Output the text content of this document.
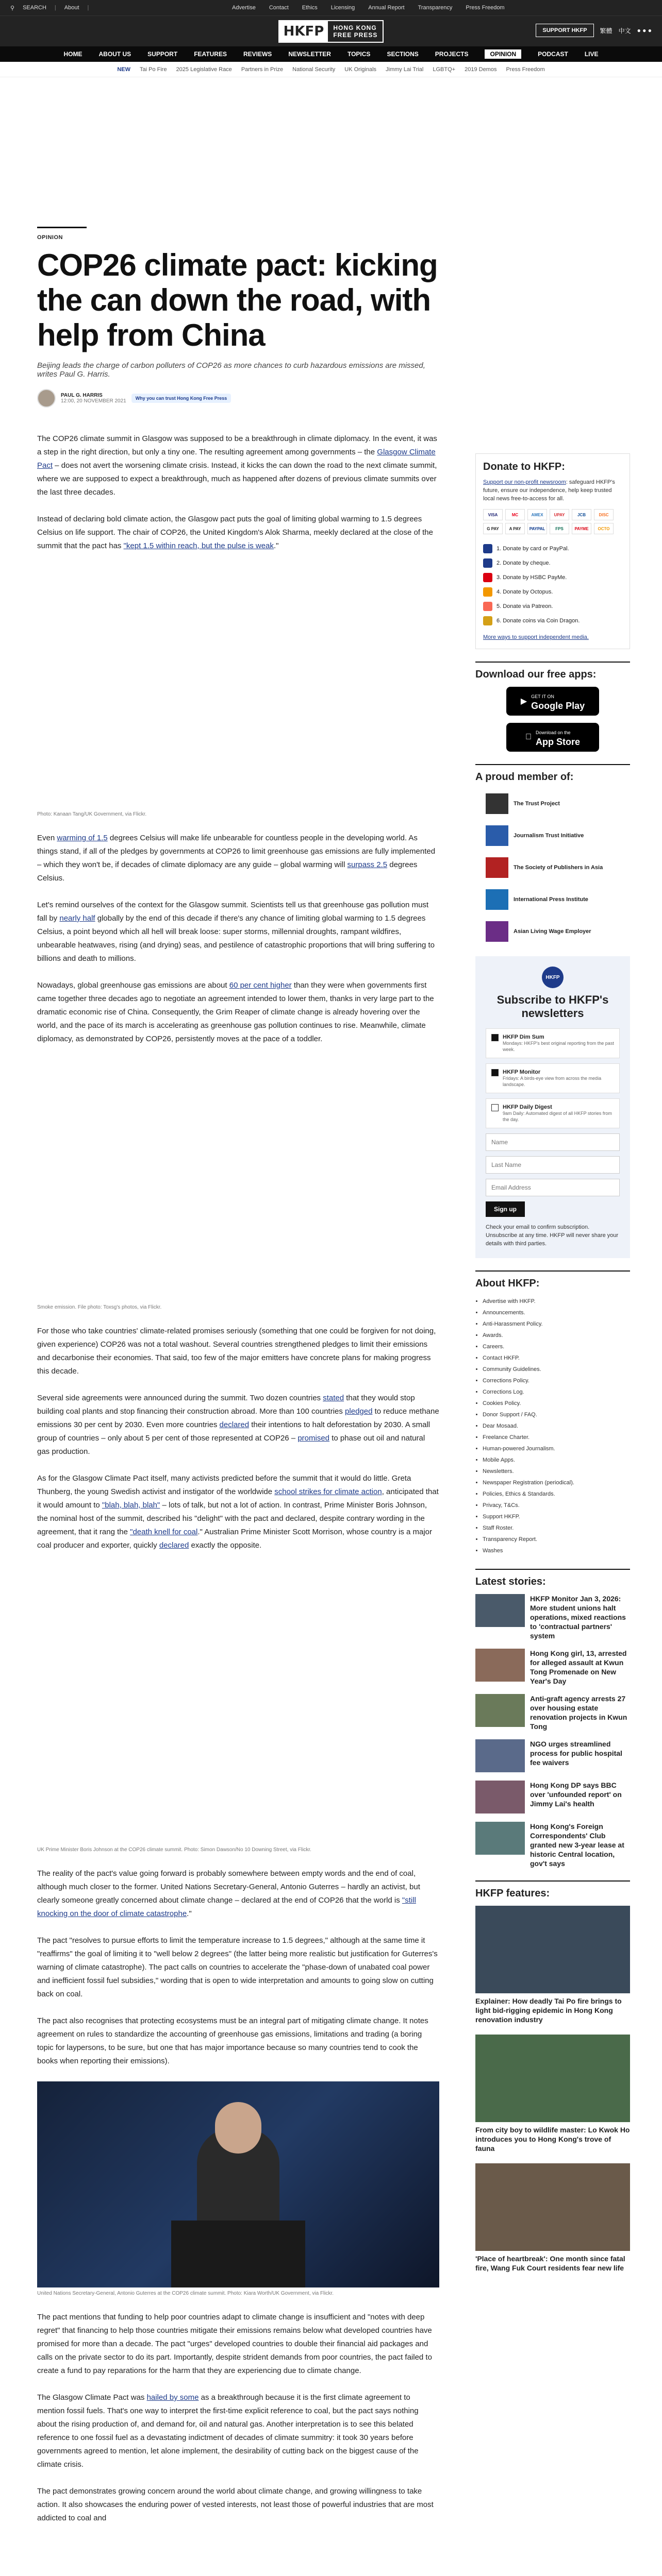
⚲ SEARCH | About |	Advertise Contact Ethics Licensing Annual Report Transparency Press Freedom
HKFP	HONG KONG
FREE PRESS
SUPPORT HKFP	繁體 中文 ● ● ●
HOME	ABOUT US	SUPPORT	FEATURES	REVIEWS	NEWSLETTER	TOPICS	SECTIONS	PROJECTS	OPINION	PODCAST	LIVE
NEW Tai Po Fire 2025 Legislative Race Partners in Prize National Security UK Originals Jimmy Lai Trial LGBTQ+ 2019 Demos Press Freedom
OPINION
COP26 climate pact: kicking the can down the road, with help from China
Beijing leads the charge of carbon polluters of COP26 as more chances to curb hazardous emissions are missed, writes Paul G. Harris.
PAUL G. HARRIS
12:00, 20 NOVEMBER 2021	Why you can trust Hong Kong Free Press

The COP26 climate summit in Glasgow was supposed to be a breakthrough in climate diplomacy. In the event, it was a step in the right direction, but only a tiny one. The resulting agreement among governments – the Glasgow Climate Pact – does not avert the worsening climate crisis. Instead, it kicks the can down the road to the next climate summit, where we are supposed to expect a breakthrough, much as happened after dozens of previous climate summits over the last three decades.

Instead of declaring bold climate action, the Glasgow pact puts the goal of limiting global warming to 1.5 degrees Celsius on life support. The chair of COP26, the United Kingdom's Alok Sharma, meekly declared at the close of the summit that the pact has "kept 1.5 within reach, but the pulse is weak."

Photo: Kanaan Tang/UK Government, via Flickr.

Even warming of 1.5 degrees Celsius will make life unbearable for countless people in the developing world. As things stand, if all of the pledges by governments at COP26 to limit greenhouse gas emissions are fully implemented – which they won't be, if decades of climate diplomacy are any guide – global warming will surpass 2.5 degrees Celsius.

Let's remind ourselves of the context for the Glasgow summit. Scientists tell us that greenhouse gas pollution must fall by nearly half globally by the end of this decade if there's any chance of limiting global warming to 1.5 degrees Celsius, a point beyond which all hell will break loose: super storms, millennial droughts, rampant wildfires, unbearable heatwaves, rising (and drying) seas, and pestilence of catastrophic proportions that will bring suffering to billions and death to millions.

Nowadays, global greenhouse gas emissions are about 60 per cent higher than they were when governments first came together three decades ago to negotiate an agreement intended to lower them, thanks in very large part to the dramatic economic rise of China. Consequently, the Grim Reaper of climate change is already hovering over the world, and the pace of its march is accelerating as greenhouse gas pollution continues to rise. Meanwhile, climate diplomacy, as demonstrated by COP26, persistently moves at the pace of a toddler.

Smoke emission. File photo: Toxsg's photos, via Flickr.

For those who take countries' climate-related promises seriously (something that one could be forgiven for not doing, given experience) COP26 was not a total washout. Several countries strengthened pledges to limit their emissions and decarbonise their economies. That said, too few of the major emitters have concrete plans for making progress this decade.

Several side agreements were announced during the summit. Two dozen countries stated that they would stop building coal plants and stop financing their construction abroad. More than 100 countries pledged to reduce methane emissions 30 per cent by 2030. Even more countries declared their intentions to halt deforestation by 2030. A small group of countries – only about 5 per cent of those represented at COP26 – promised to phase out oil and natural gas production.

As for the Glasgow Climate Pact itself, many activists predicted before the summit that it would do little. Greta Thunberg, the young Swedish activist and instigator of the worldwide school strikes for climate action, anticipated that it would amount to "blah, blah, blah" – lots of talk, but not a lot of action. In contrast, Prime Minister Boris Johnson, the nominal host of the summit, described his "delight" with the pact and declared, despite contrary wording in the agreement, that it rang the "death knell for coal." Australian Prime Minister Scott Morrison, whose country is a major coal producer and exporter, quickly declared exactly the opposite.

UK Prime Minister Boris Johnson at the COP26 climate summit. Photo: Simon Dawson/No 10 Downing Street, via Flickr.

The reality of the pact's value going forward is probably somewhere between empty words and the end of coal, although much closer to the former. United Nations Secretary-General, Antonio Guterres – hardly an activist, but clearly someone greatly concerned about climate change – declared at the end of COP26 that the world is "still knocking on the door of climate catastrophe."

The pact "resolves to pursue efforts to limit the temperature increase to 1.5 degrees," although at the same time it "reaffirms" the goal of limiting it to "well below 2 degrees" (the latter being more realistic but justification for Guterres's warning of climate catastrophe). The pact calls on countries to accelerate the "phase-down of unabated coal power and inefficient fossil fuel subsidies," wording that is open to wide interpretation and amounts to going slow on cutting back on coal.

The pact also recognises that protecting ecosystems must be an integral part of mitigating climate change. It notes agreement on rules to standardize the accounting of greenhouse gas emissions, limitations and trading (a boring topic for laypersons, to be sure, but one that has major importance because so many countries tend to cook the books when reporting their emissions).

United Nations Secretary-General, Antonio Guterres at the COP26 climate summit. Photo: Kiara Worth/UK Government, via Flickr.

The pact mentions that funding to help poor countries adapt to climate change is insufficient and "notes with deep regret" that financing to help those countries mitigate their emissions remains below what developed countries have promised for more than a decade. The pact "urges" developed countries to double their financial aid packages and calls on the private sector to do its part. Importantly, despite strident demands from poor countries, the pact failed to create a fund to pay reparations for the harm that they are experiencing due to climate change.

The Glasgow Climate Pact was hailed by some as a breakthrough because it is the first climate agreement to mention fossil fuels. That's one way to interpret the first-time explicit reference to coal, but the pact says nothing about the rising production of, and demand for, oil and natural gas. Another interpretation is to see this belated reference to one fossil fuel as a devastating indictment of decades of climate summitry: it took 30 years before governments agreed to mention, let alone implement, the desirability of cutting back on the biggest cause of the climate crisis.

The pact demonstrates growing concern around the world about climate change, and growing willingness to take action. It also showcases the enduring power of vested interests, not least those of powerful industries that are most addicted to coal and

Donate to HKFP:
Support our non-profit newsroom: safeguard HKFP's future, ensure our independence, help keep trusted local news free-to-access for all.
VISA	MC	AMEX	UPAY	JCB	DISC
G PAY	A PAY	PAYPAL	FPS	PAYME	OCTO
1. Donate by card or PayPal.
2. Donate by cheque.
3. Donate by HSBC PayMe.
4. Donate by Octopus.
5. Donate via Patreon.
6. Donate coins via Coin Dragon.
More ways to support independent media.
Download our free apps:
▶
GET IT ON
Google Play
Download on the
App Store
A proud member of:
The Trust Project
Journalism Trust Initiative
The Society of Publishers in Asia
International Press Institute
Asian Living Wage Employer
HKFP
Subscribe to HKFP's newsletters
HKFP Dim Sum
Mondays: HKFP's best original reporting from the past week.
HKFP Monitor
Fridays: A birds-eye view from across the media landscape.
HKFP Daily Digest
9am Daily: Automated digest of all HKFP stories from the day.
Name Last Name Email Address Sign up
Check your email to confirm subscription. Unsubscribe at any time. HKFP will never share your details with third parties.
About HKFP:
• Advertise with HKFP.
• Announcements.
• Anti-Harassment Policy.
• Awards.
• Careers.
• Contact HKFP.
• Community Guidelines.
• Corrections Policy.
• Corrections Log.
• Cookies Policy.
• Donor Support / FAQ.
• Dear Mosaad.
• Freelance Charter.
• Human-powered Journalism.
• Mobile Apps.
• Newsletters.
• Newspaper Registration (periodical).
• Policies, Ethics & Standards.
• Privacy, T&Cs.
• Support HKFP.
• Staff Roster.
• Transparency Report.
• Washes
Latest stories:
HKFP Monitor Jan 3, 2026: More student unions halt operations, mixed reactions to 'contractual partners' system
Hong Kong girl, 13, arrested for alleged assault at Kwun Tong Promenade on New Year's Day
Anti-graft agency arrests 27 over housing estate renovation projects in Kwun Tong
NGO urges streamlined process for public hospital fee waivers
Hong Kong DP says BBC over 'unfounded report' on Jimmy Lai's health
Hong Kong's Foreign Correspondents' Club granted new 3-year lease at historic Central location, gov't says
HKFP features:
Explainer: How deadly Tai Po fire brings to light bid-rigging epidemic in Hong Kong renovation industry
From city boy to wildlife master: Lo Kwok Ho introduces you to Hong Kong's trove of fauna
'Place of heartbreak': One month since fatal fire, Wang Fuk Court residents fear new life
